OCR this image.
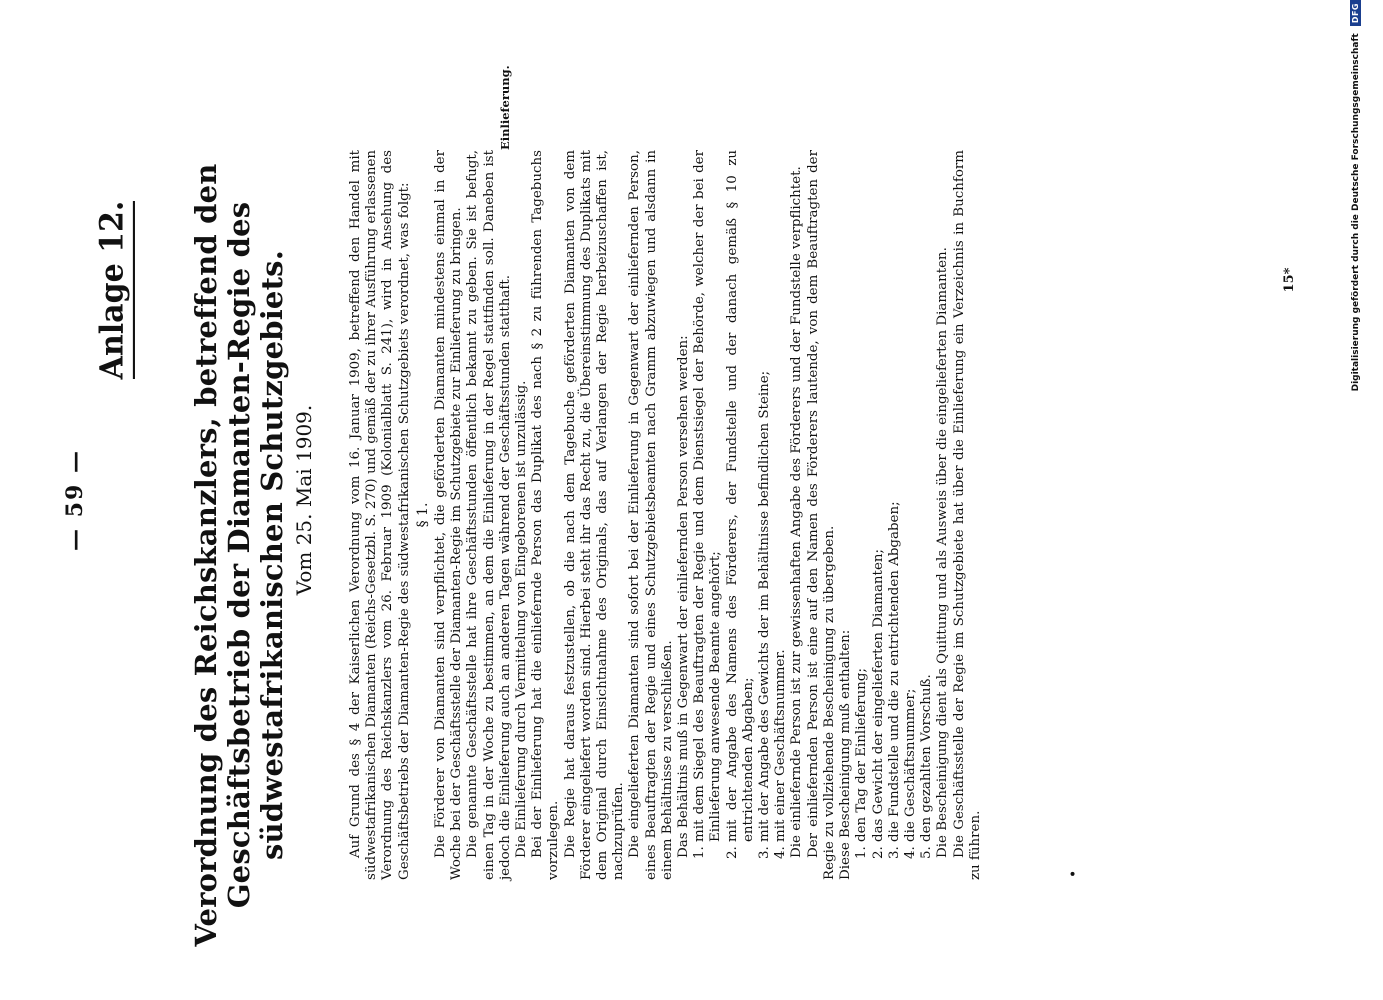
— 59 —
Anlage 12. Verordnung des Reichskanzlers, betreffend den Geschäftsbetrieb der Diamanten-Regie des südwestafrikanischen Schutzgebiets. Vom 25. Mai 1909.
Einlieferung.
•

Auf Grund des § 4 der Kaiserlichen Verordnung vom 16. Januar 1909, betreffend den Handel mit südwestafrikanischen Diamanten (Reichs-Gesetzbl. S. 270) und gemäß der zu ihrer Ausführung erlassenen Verordnung des Reichskanzlers vom 26. Februar 1909 (Kolonialblatt S. 241), wird in Ansehung des Geschäftsbetriebs der Diamanten-Regie des südwestafrikanischen Schutzgebiets verordnet, was folgt: § 1. Die Förderer von Diamanten sind verpflichtet, die geförderten Diamanten mindestens einmal in der Woche bei der Geschäftsstelle der Diamanten-Regie im Schutzgebiete zur Einlieferung zu bringen. Die genannte Geschäftsstelle hat ihre Geschäftsstunden öffentlich bekannt zu geben. Sie ist befugt, einen Tag in der Woche zu bestimmen, an dem die Einlieferung in der Regel stattfinden soll. Daneben ist jedoch die Einlieferung auch an anderen Tagen während der Geschäftsstunden statthaft. Die Einlieferung durch Vermittelung von Eingeborenen ist unzulässig. Bei der Einlieferung hat die einliefernde Person das Duplikat des nach § 2 zu führenden Tagebuchs vorzulegen. Die Regie hat daraus festzustellen, ob die nach dem Tagebuche geförderten Diamanten von dem Förderer eingeliefert worden sind. Hierbei steht ihr das Recht zu, die Übereinstimmung des Duplikats mit dem Original durch Einsichtnahme des Originals, das auf Verlangen der Regie herbeizuschaffen ist, nachzuprüfen. Die eingelieferten Diamanten sind sofort bei der Einlieferung in Gegenwart der einliefernden Person, eines Beauftragten der Regie und eines Schutzgebietsbeamten nach Gramm abzuwiegen und alsdann in einem Behältnisse zu verschließen. Das Behältnis muß in Gegenwart der einliefernden Person versehen werden: 1. mit dem Siegel des Beauftragten der Regie und dem Dienstsiegel der Behörde, welcher der bei der Einlieferung anwesende Beamte angehört; 2. mit der Angabe des Namens des Förderers, der Fundstelle und der danach gemäß § 10 zu entrichtenden Abgaben; 3. mit der Angabe des Gewichts der im Behältnisse befindlichen Steine; 4. mit einer Geschäftsnummer. Die einliefernde Person ist zur gewissenhaften Angabe des Förderers und der Fundstelle verpflichtet. Der einliefernden Person ist eine auf den Namen des Förderers lautende, von dem Beauftragten der Regie zu vollziehende Bescheinigung zu übergeben. Diese Bescheinigung muß enthalten: 1. den Tag der Einlieferung; 2. das Gewicht der eingelieferten Diamanten; 3. die Fundstelle und die zu entrichtenden Abgaben; 4. die Geschäftsnummer; 5. den gezahlten Vorschuß. Die Bescheinigung dient als Quittung und als Ausweis über die eingelieferten Diamanten. Die Geschäftsstelle der Regie im Schutzgebiete hat über die Einlieferung ein Verzeichnis in Buchform zu führen.

15*	Digitalisierung gefördert durch die Deutsche Forschungsgemeinschaft DFG
